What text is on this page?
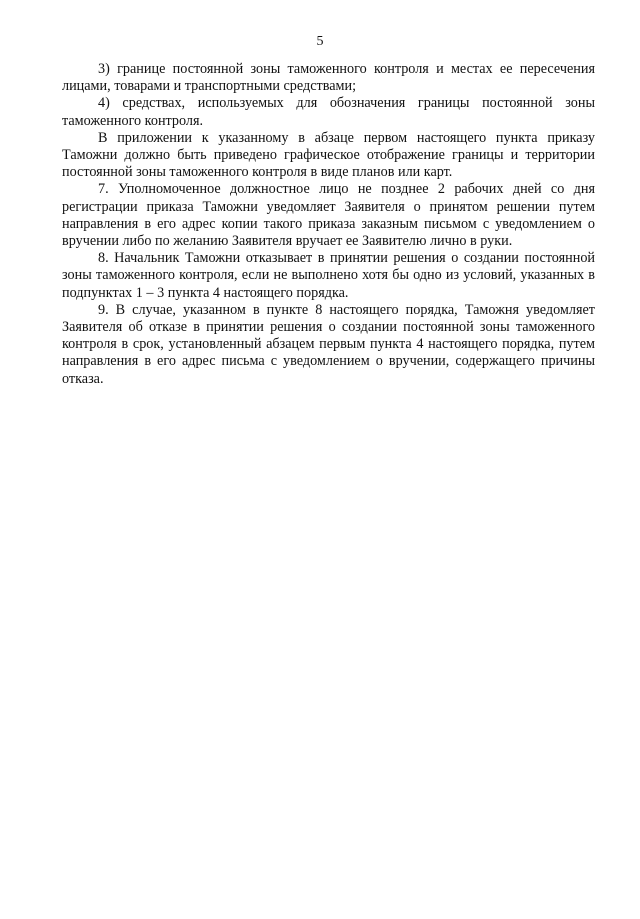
5

3) границе постоянной зоны таможенного контроля и местах ее пересечения лицами, товарами и транспортными средствами;

4) средствах, используемых для обозначения границы постоянной зоны таможенного контроля.

В приложении к указанному в абзаце первом настоящего пункта приказу Таможни должно быть приведено графическое отображение границы и территории постоянной зоны таможенного контроля в виде планов или карт.

7. Уполномоченное должностное лицо не позднее 2 рабочих дней со дня регистрации приказа Таможни уведомляет Заявителя о принятом решении путем направления в его адрес копии такого приказа заказным письмом с уведомлением о вручении либо по желанию Заявителя вручает ее Заявителю лично в руки.

8. Начальник Таможни отказывает в принятии решения о создании постоянной зоны таможенного контроля, если не выполнено хотя бы одно из условий, указанных в подпунктах 1 – 3 пункта 4 настоящего порядка.

9. В случае, указанном в пункте 8 настоящего порядка, Таможня уведомляет Заявителя об отказе в принятии решения о создании постоянной зоны таможенного контроля в срок, установленный абзацем первым пункта 4 настоящего порядка, путем направления в его адрес письма с уведомлением о вручении, содержащего причины отказа.
